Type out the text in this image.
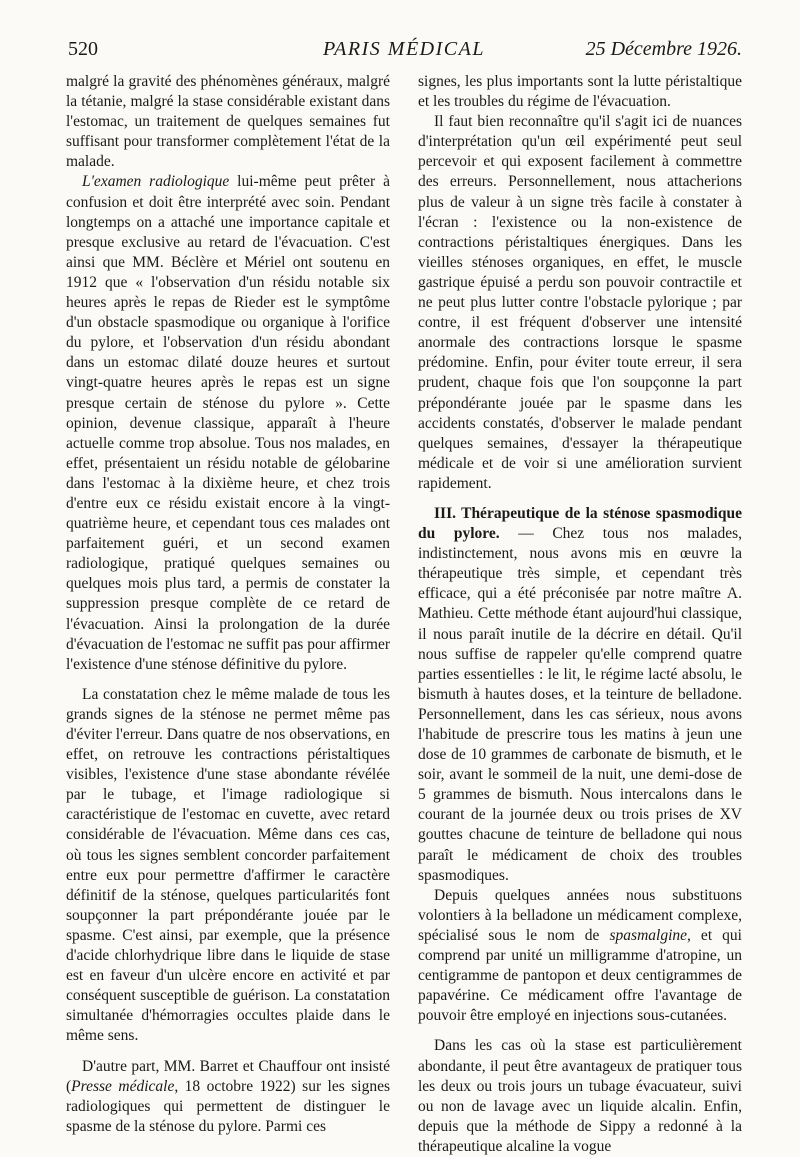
520	PARIS MÉDICAL	25 Décembre 1926.

malgré la gravité des phénomènes généraux, malgré la tétanie, malgré la stase considérable existant dans l'estomac, un traitement de quelques semaines fut suffisant pour transformer complètement l'état de la malade.

L'examen radiologique lui-même peut prêter à confusion et doit être interprété avec soin. Pendant longtemps on a attaché une importance capitale et presque exclusive au retard de l'évacuation. C'est ainsi que MM. Béclère et Mériel ont soutenu en 1912 que « l'observation d'un résidu notable six heures après le repas de Rieder est le symptôme d'un obstacle spasmodique ou organique à l'orifice du pylore, et l'observation d'un résidu abondant dans un estomac dilaté douze heures et surtout vingt-quatre heures après le repas est un signe presque certain de sténose du pylore ». Cette opinion, devenue classique, apparaît à l'heure actuelle comme trop absolue. Tous nos malades, en effet, présentaient un résidu notable de gélobarine dans l'estomac à la dixième heure, et chez trois d'entre eux ce résidu existait encore à la vingt-quatrième heure, et cependant tous ces malades ont parfaitement guéri, et un second examen radiologique, pratiqué quelques semaines ou quelques mois plus tard, a permis de constater la suppression presque complète de ce retard de l'évacuation. Ainsi la prolongation de la durée d'évacuation de l'estomac ne suffit pas pour affirmer l'existence d'une sténose définitive du pylore.

La constatation chez le même malade de tous les grands signes de la sténose ne permet même pas d'éviter l'erreur. Dans quatre de nos observations, en effet, on retrouve les contractions péristaltiques visibles, l'existence d'une stase abondante révélée par le tubage, et l'image radiologique si caractéristique de l'estomac en cuvette, avec retard considérable de l'évacuation. Même dans ces cas, où tous les signes semblent concorder parfaitement entre eux pour permettre d'affirmer le caractère définitif de la sténose, quelques particularités font soupçonner la part prépondérante jouée par le spasme. C'est ainsi, par exemple, que la présence d'acide chlorhydrique libre dans le liquide de stase est en faveur d'un ulcère encore en activité et par conséquent susceptible de guérison. La constatation simultanée d'hémorragies occultes plaide dans le même sens.

D'autre part, MM. Barret et Chauffour ont insisté (Presse médicale, 18 octobre 1922) sur les signes radiologiques qui permettent de distinguer le spasme de la sténose du pylore. Parmi ces

signes, les plus importants sont la lutte péristaltique et les troubles du régime de l'évacuation.

Il faut bien reconnaître qu'il s'agit ici de nuances d'interprétation qu'un œil expérimenté peut seul percevoir et qui exposent facilement à commettre des erreurs. Personnellement, nous attacherions plus de valeur à un signe très facile à constater à l'écran : l'existence ou la non-existence de contractions péristaltiques énergiques. Dans les vieilles sténoses organiques, en effet, le muscle gastrique épuisé a perdu son pouvoir contractile et ne peut plus lutter contre l'obstacle pylorique ; par contre, il est fréquent d'observer une intensité anormale des contractions lorsque le spasme prédomine. Enfin, pour éviter toute erreur, il sera prudent, chaque fois que l'on soupçonne la part prépondérante jouée par le spasme dans les accidents constatés, d'observer le malade pendant quelques semaines, d'essayer la thérapeutique médicale et de voir si une amélioration survient rapidement.

III. Thérapeutique de la sténose spasmodique du pylore. — Chez tous nos malades, indistinctement, nous avons mis en œuvre la thérapeutique très simple, et cependant très efficace, qui a été préconisée par notre maître A. Mathieu. Cette méthode étant aujourd'hui classique, il nous paraît inutile de la décrire en détail. Qu'il nous suffise de rappeler qu'elle comprend quatre parties essentielles : le lit, le régime lacté absolu, le bismuth à hautes doses, et la teinture de belladone. Personnellement, dans les cas sérieux, nous avons l'habitude de prescrire tous les matins à jeun une dose de 10 grammes de carbonate de bismuth, et le soir, avant le sommeil de la nuit, une demi-dose de 5 grammes de bismuth. Nous intercalons dans le courant de la journée deux ou trois prises de XV gouttes chacune de teinture de belladone qui nous paraît le médicament de choix des troubles spasmodiques.

Depuis quelques années nous substituons volontiers à la belladone un médicament complexe, spécialisé sous le nom de spasmalgine, et qui comprend par unité un milligramme d'atropine, un centigramme de pantopon et deux centigrammes de papavérine. Ce médicament offre l'avantage de pouvoir être employé en injections sous-cutanées.

Dans les cas où la stase est particulièrement abondante, il peut être avantageux de pratiquer tous les deux ou trois jours un tubage évacuateur, suivi ou non de lavage avec un liquide alcalin. Enfin, depuis que la méthode de Sippy a redonné à la thérapeutique alcaline la vogue
